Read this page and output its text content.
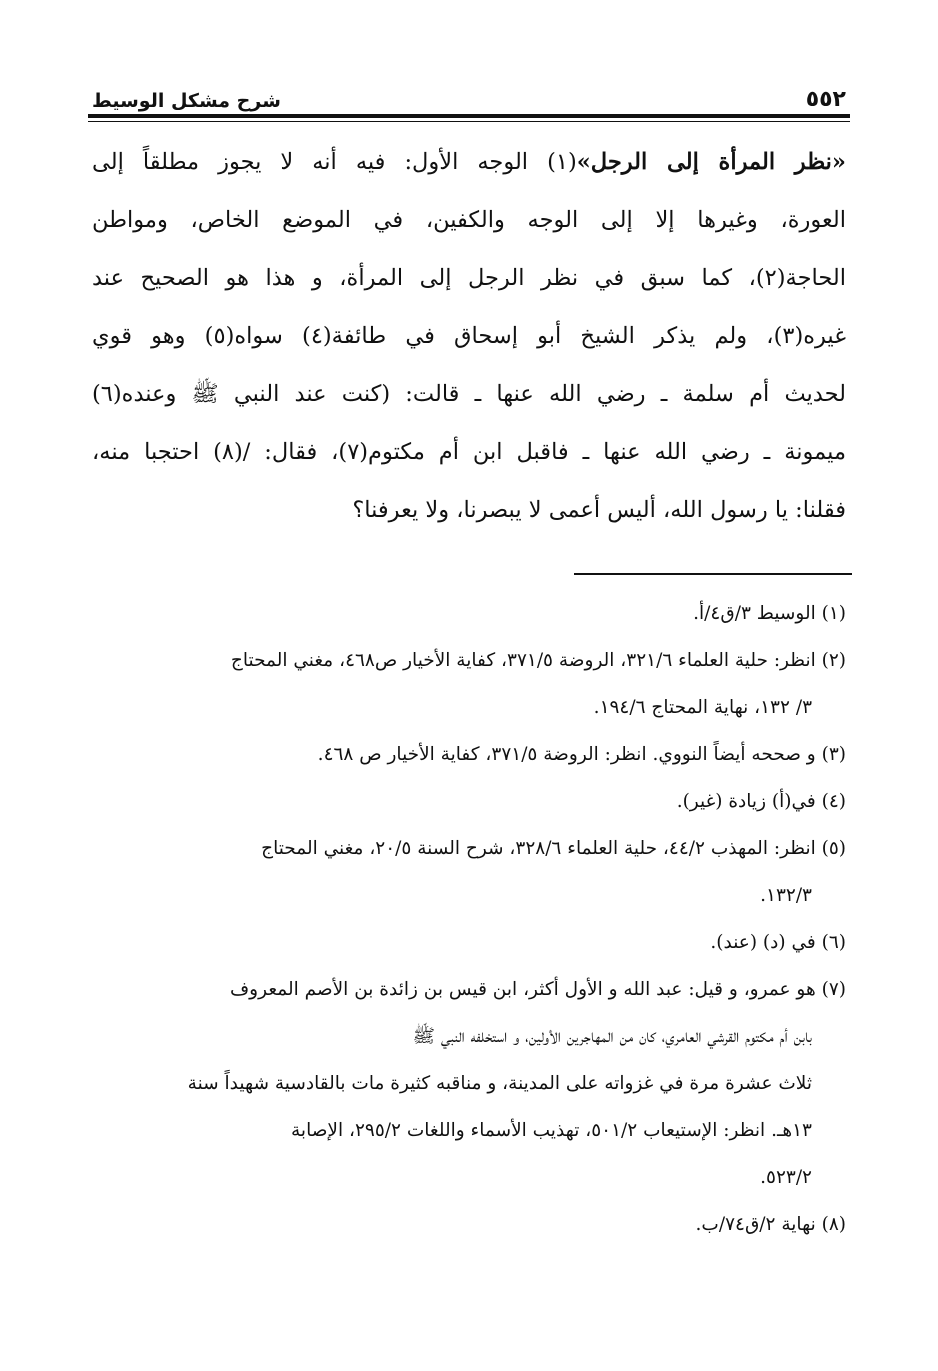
٥٥٢
شرح مشكل الوسيط
«نظر المرأة إلى الرجل»(١) الوجه الأول: فيه أنه لا يجوز مطلقاً إلى
العورة، وغيرها إلا إلى الوجه والكفين، في الموضع الخاص، ومواطن
الحاجة(٢)، كما سبق في نظر الرجل إلى المرأة، و هذا هو الصحيح عند
غيره(٣)، ولم يذكر الشيخ أبو إسحاق في طائفة(٤) سواه(٥) وهو قوي
لحديث أم سلمة ـ رضي الله عنها ـ قالت: (كنت عند النبي ﷺ وعنده(٦)
ميمونة ـ رضي الله عنها ـ فاقبل ابن أم مكتوم(٧)، فقال: /(٨) احتجبا منه،
فقلنا: يا رسول الله، أليس أعمى لا يبصرنا، ولا يعرفنا؟
(١) الوسيط ٣/ق٤/أ.
(٢) انظر: حلية العلماء ٣٢١/٦، الروضة ٣٧١/٥، كفاية الأخيار ص٤٦٨، مغني المحتاج
٣/ ١٣٢، نهاية المحتاج ١٩٤/٦.
(٣) و صححه أيضاً النووي. انظر: الروضة ٣٧١/٥، كفاية الأخيار ص ٤٦٨.
(٤) في(أ) زيادة (غير).
(٥) انظر: المهذب ٤٤/٢، حلية العلماء ٣٢٨/٦، شرح السنة ٢٠/٥، مغني المحتاج
١٣٢/٣.
(٦) في (د) (عند).
(٧) هو عمرو، و قيل: عبد الله و الأول أكثر، ابن قيس بن زائدة بن الأصم المعروف
بابن أم مكتوم القرشي العامري، كان من المهاجرين الأولين، و استخلفه النبي ﷺ
ثلاث عشرة مرة في غزواته على المدينة، و مناقبه كثيرة مات بالقادسية شهيداً سنة
١٣هـ. انظر: الإستيعاب ٥٠١/٢، تهذيب الأسماء واللغات ٢٩٥/٢، الإصابة
٥٢٣/٢.
(٨) نهاية ٢/ق٧٤/ب.
